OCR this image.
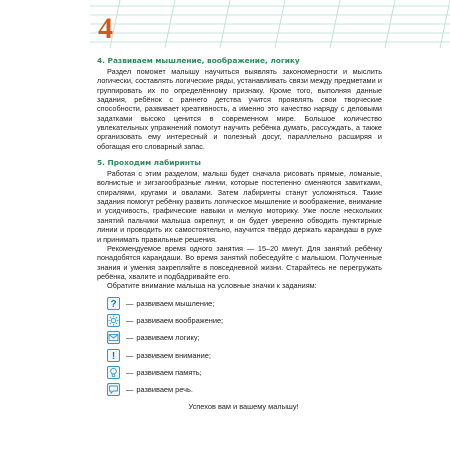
4

4. Развиваем мышление, воображение, логику

Раздел поможет малышу научиться выявлять закономерности и мыслить логически, составлять логические ряды, устанавливать связи между предметами и группировать их по определённому признаку. Кроме того, выполняя данные задания, ребёнок с раннего детства учится проявлять свои творческие способности, развивает креативность, а именно это качество наряду с деловыми задатками высоко ценится в современном мире. Большое количество увлекательных упражнений помогут научить ребёнка думать, рассуждать, а также организовать ему интересный и полезный досуг, параллельно расширяя и обогащая его словарный запас.

5. Проходим лабиринты

Работая с этим разделом, малыш будет сначала рисовать прямые, ломаные, волнистые и зигзагообразные линии, которые постепенно сменяются завитками, спиралями, кругами и овалами. Затем лабиринты станут усложняться. Такие задания помогут ребёнку развить логическое мышление и воображение, внимание и усидчивость, графические навыки и мелкую моторику. Уже после нескольких занятий пальчики малыша окрепнут, и он будет уверенно обводить пунктирные линии и проводить их самостоятельно, научится твёрдо держать карандаш в руке и принимать правильные решения.

Рекомендуемое время одного занятия — 15–20 минут. Для занятий ребёнку понадобятся карандаши. Во время занятий побеседуйте с малышом. Полученные знания и умения закрепляйте в повседневной жизни. Старайтесь не перегружать ребёнка, хвалите и подбадривайте его.

Обратите внимание малыша на условные значки к заданиям:

? — развиваем мышление;
— развиваем воображение;
— развиваем логику;
! — развиваем внимание;
— развиваем память;
— развиваем речь.
Успехов вам и вашему малышу!
